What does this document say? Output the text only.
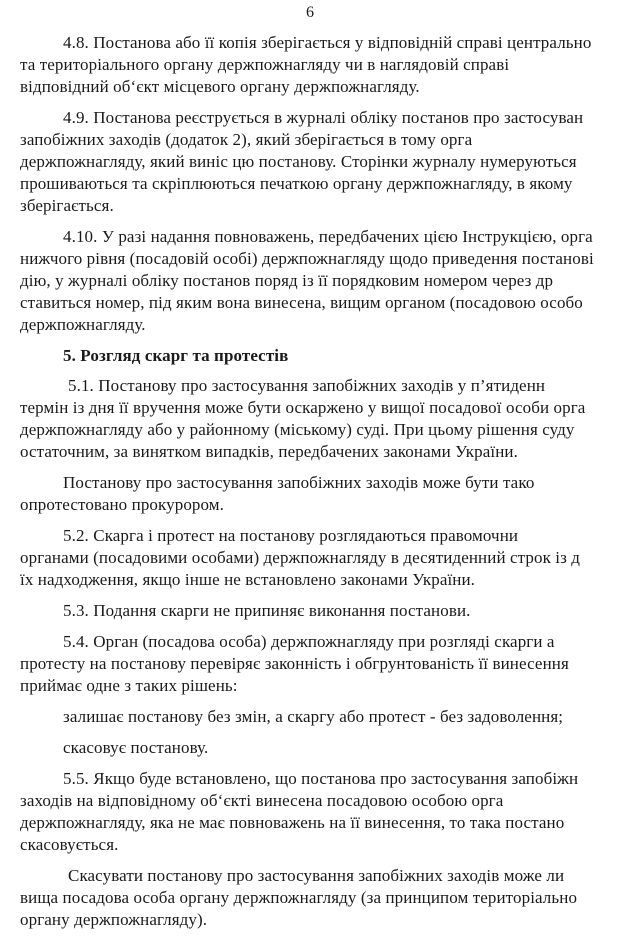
6
4.8. Постанова або її копія зберігається у відповідній справі центрально
та територіального органу держпожнагляду чи в наглядовій справі
відповідний об‘єкт місцевого органу держпожнагляду.
4.9. Постанова реєструється в журналі обліку постанов про застосуван
запобіжних заходів (додаток 2), який зберігається в тому орга
держпожнагляду, який виніс цю постанову. Сторінки журналу нумеруються
прошиваються та скріплюються печаткою органу держпожнагляду, в якому
зберігається.
4.10. У разі надання повноважень, передбачених цією Інструкцією, орга
нижчого рівня (посадовій особі) держпожнагляду щодо приведення постанові
дію, у журналі обліку постанов поряд із її порядковим номером через др
ставиться номер, під яким вона винесена, вищим органом (посадовою особо
держпожнагляду.
5. Розгляд скарг та протестів
5.1. Постанову про застосування запобіжних заходів у п’ятиденн
термін із дня її вручення може бути оскаржено у вищої посадової особи орга
держпожнагляду або у районному (міському) суді. При цьому рішення суду
остаточним, за винятком випадків, передбачених законами України.
Постанову про застосування запобіжних заходів може бути тако
опротестовано прокурором.
5.2. Скарга і протест на постанову розглядаються правомочни
органами (посадовими особами) держпожнагляду в десятиденний строк із д
їх надходження, якщо інше не встановлено законами України.
5.3. Подання скарги не припиняє виконання постанови.
5.4. Орган (посадова особа) держпожнагляду при розгляді скарги а
протесту на постанову перевіряє законність і обгрунтованість її винесення
приймає одне з таких рішень:
залишає постанову без змін, а скаргу або протест - без задоволення;
скасовує постанову.
5.5. Якщо буде встановлено, що постанова про застосування запобіжн
заходів на відповідному об‘єкті винесена посадовою особою орга
держпожнагляду, яка не має повноважень на її винесення, то така постано
скасовується.
Скасувати постанову про застосування запобіжних заходів може ли
вища посадова особа органу держпожнагляду (за принципом територіально
органу держпожнагляду).
